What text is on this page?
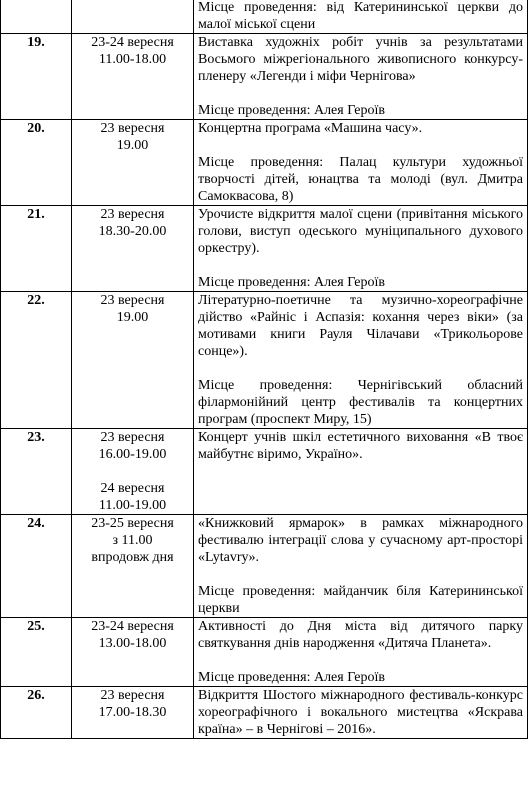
		Місце проведення: від Катерининської церкви до малої міської сцени

19.	23-24 вересня
11.00-18.00	Виставка художніх робіт учнів за результатами Восьмого міжрегіонального живописного конкурсу-пленеру «Легенди і міфи Чернігова»
Місце проведення: Алея Героїв

20.	23 вересня
19.00	Концертна програма «Машина часу».
Місце проведення: Палац культури художньої творчості дітей, юнацтва та молоді (вул. Дмитра Самоквасова, 8)

21.	23 вересня
18.30-20.00	Урочисте відкриття малої сцени (привітання міського голови, виступ одеського муніципального духового оркестру).
Місце проведення: Алея Героїв

22.	23 вересня
19.00	Літературно-поетичне та музично-хореографічне дійство «Райніс і Аспазія: кохання через віки» (за мотивами книги Рауля Чілачави «Трикольорове сонце»).
Місце проведення: Чернігівський обласний філармонійний центр фестивалів та концертних програм (проспект Миру, 15)

23.	23 вересня
16.00-19.00
24 вересня
11.00-19.00	Концерт учнів шкіл естетичного виховання «В твоє майбутнє віримо, Україно».

24.	23-25 вересня
з 11.00
впродовж дня	«Книжковий ярмарок» в рамках міжнародного фестивалю інтеграції слова у сучасному арт-просторі «Lytavry».
Місце проведення: майданчик біля Катерининської церкви

25.	23-24 вересня
13.00-18.00	Активності до Дня міста від дитячого парку святкування днів народження «Дитяча Планета».
Місце проведення: Алея Героїв

26.	23 вересня
17.00-18.30	Відкриття Шостого міжнародного фестиваль-конкурс хореографічного і вокального мистецтва «Яскрава країна» – в Чернігові – 2016».
